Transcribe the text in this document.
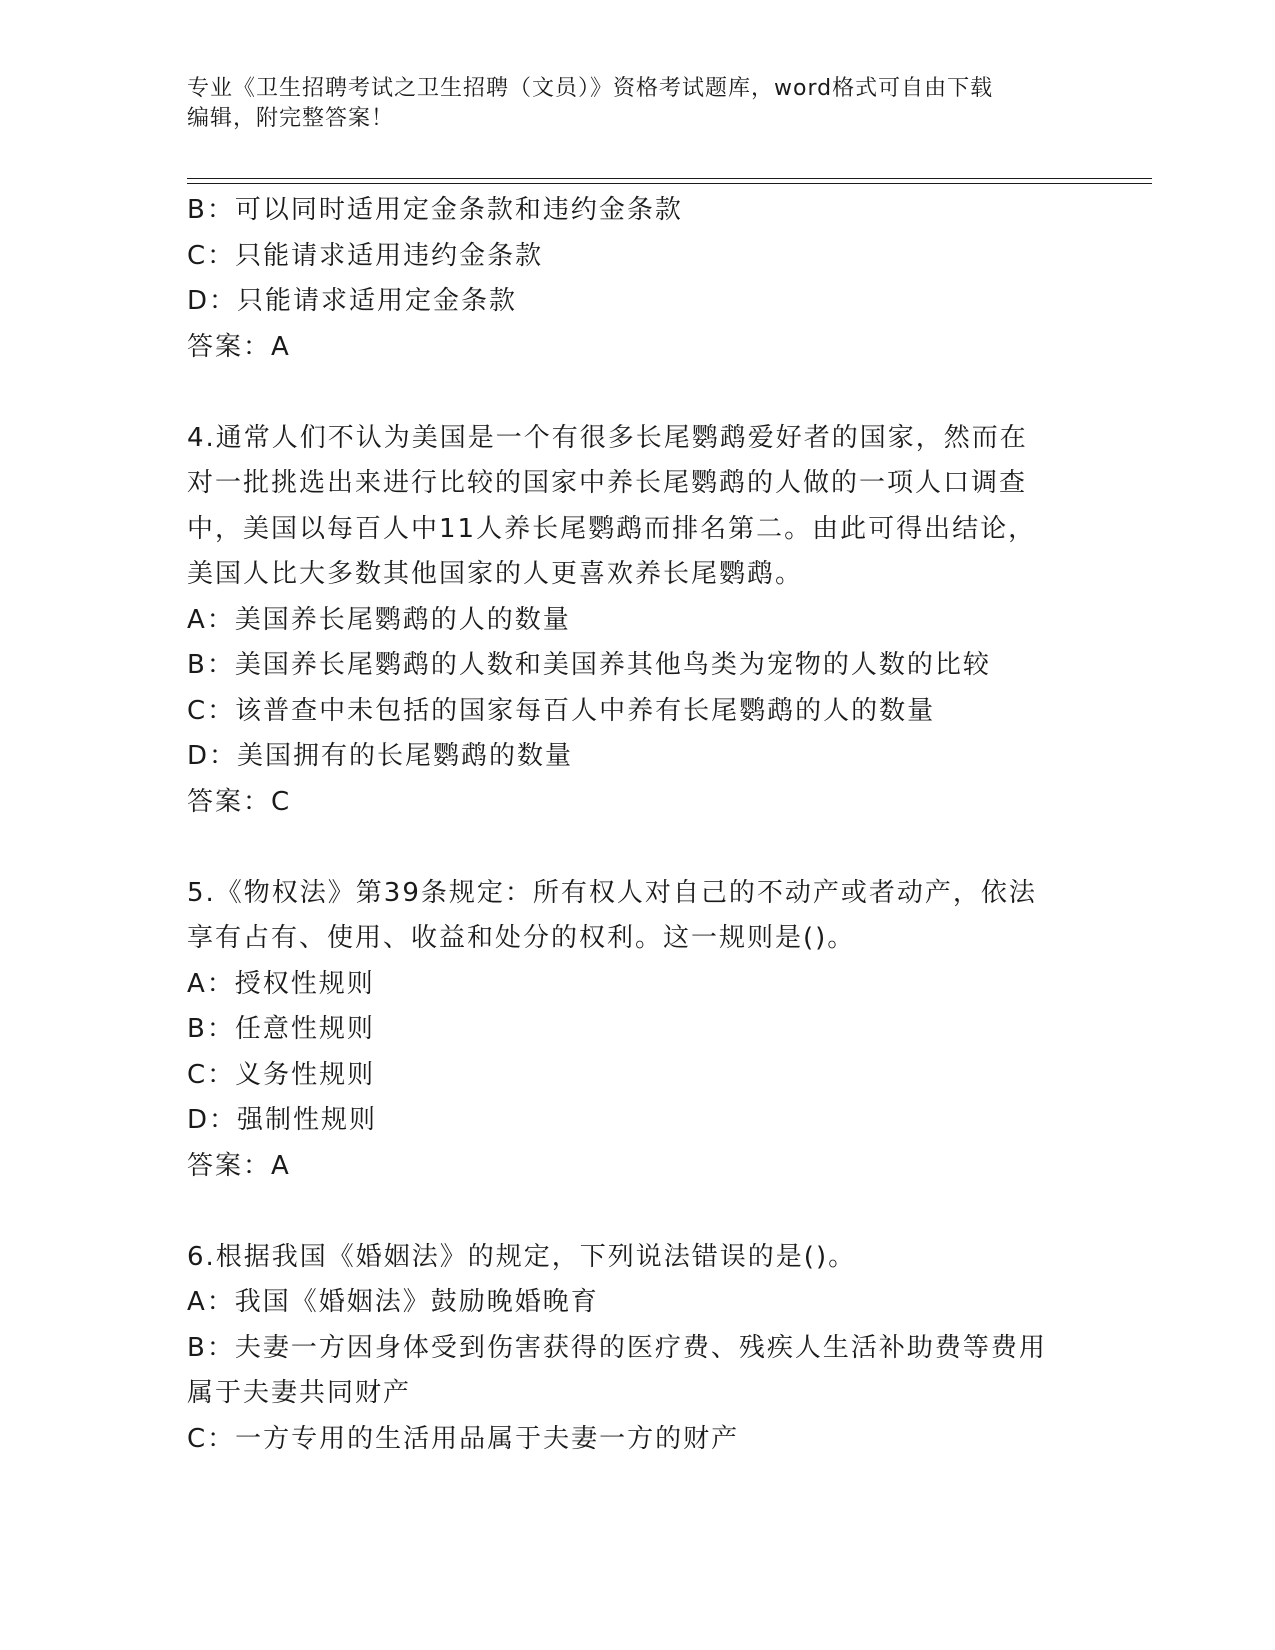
专业《卫生招聘考试之卫生招聘（文员）》资格考试题库，word格式可自由下载
编辑，附完整答案！

B：可以同时适用定金条款和违约金条款

C：只能请求适用违约金条款

D：只能请求适用定金条款

答案：A

4.通常人们不认为美国是一个有很多长尾鹦鹉爱好者的国家，然而在

对一批挑选出来进行比较的国家中养长尾鹦鹉的人做的一项人口调查

中，美国以每百人中11人养长尾鹦鹉而排名第二。由此可得出结论，

美国人比大多数其他国家的人更喜欢养长尾鹦鹉。

A：美国养长尾鹦鹉的人的数量

B：美国养长尾鹦鹉的人数和美国养其他鸟类为宠物的人数的比较

C：该普查中未包括的国家每百人中养有长尾鹦鹉的人的数量

D：美国拥有的长尾鹦鹉的数量

答案：C

5.《物权法》第39条规定：所有权人对自己的不动产或者动产，依法

享有占有、使用、收益和处分的权利。这一规则是()。

A：授权性规则

B：任意性规则

C：义务性规则

D：强制性规则

答案：A

6.根据我国《婚姻法》的规定，下列说法错误的是()。

A：我国《婚姻法》鼓励晚婚晚育

B：夫妻一方因身体受到伤害获得的医疗费、残疾人生活补助费等费用

属于夫妻共同财产

C：一方专用的生活用品属于夫妻一方的财产
